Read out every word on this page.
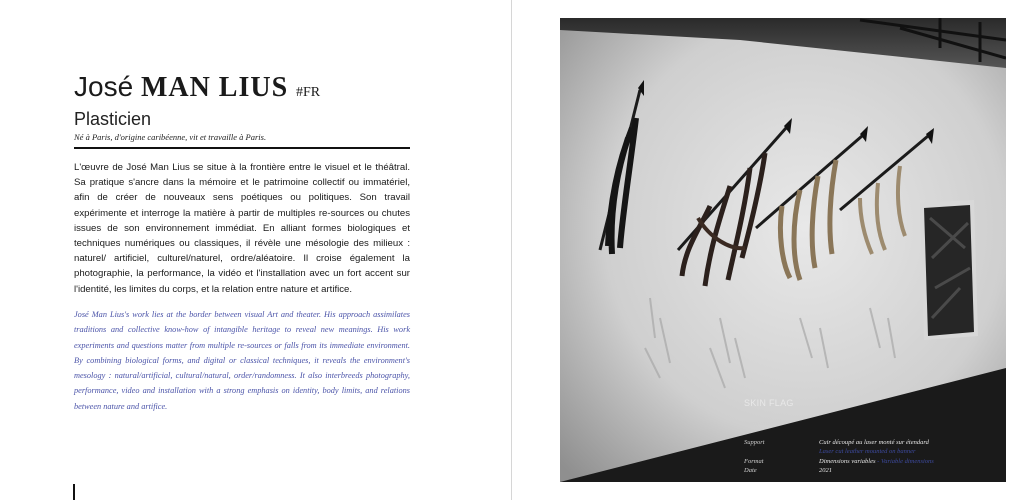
José MAN LIUS #FR

Plasticien

Né à Paris, d'origine caribéenne, vit et travaille à Paris.

L'œuvre de José Man Lius se situe à la frontière entre le visuel et le théâtral. Sa pratique s'ancre dans la mémoire et le patrimoine collectif ou immatériel, afin de créer de nouveaux sens poétiques ou politiques. Son travail expérimente et interroge la matière à partir de multiples re-sources ou chutes issues de son environnement immédiat. En alliant formes biologiques et techniques numériques ou classiques, il révèle une mésologie des milieux : naturel/ artificiel, culturel/naturel, ordre/aléatoire. Il croise également la photographie, la performance, la vidéo et l'installation avec un fort accent sur l'identité, les limites du corps, et la relation entre nature et artifice.

José Man Lius's work lies at the border between visual Art and theater. His approach assimilates traditions and collective know-how of intangible heritage to reveal new meanings. His work experiments and questions matter from multiple re-sources or falls from its immediate environment. By combining biological forms, and digital or classical techniques, it reveals the environment's mesology : natural/artificial, cultural/natural, order/randomness. It also interbreeds photography, performance, video and installation with a strong emphasis on identity, body limits, and relations between nature and artifice.	SKIN FLAG
Installation
Support	Cuir découpé au laser monté sur étendard
Laser cut leather mounted on banner
Format	Dimensions variables - Variable dimensions
Date	2021
